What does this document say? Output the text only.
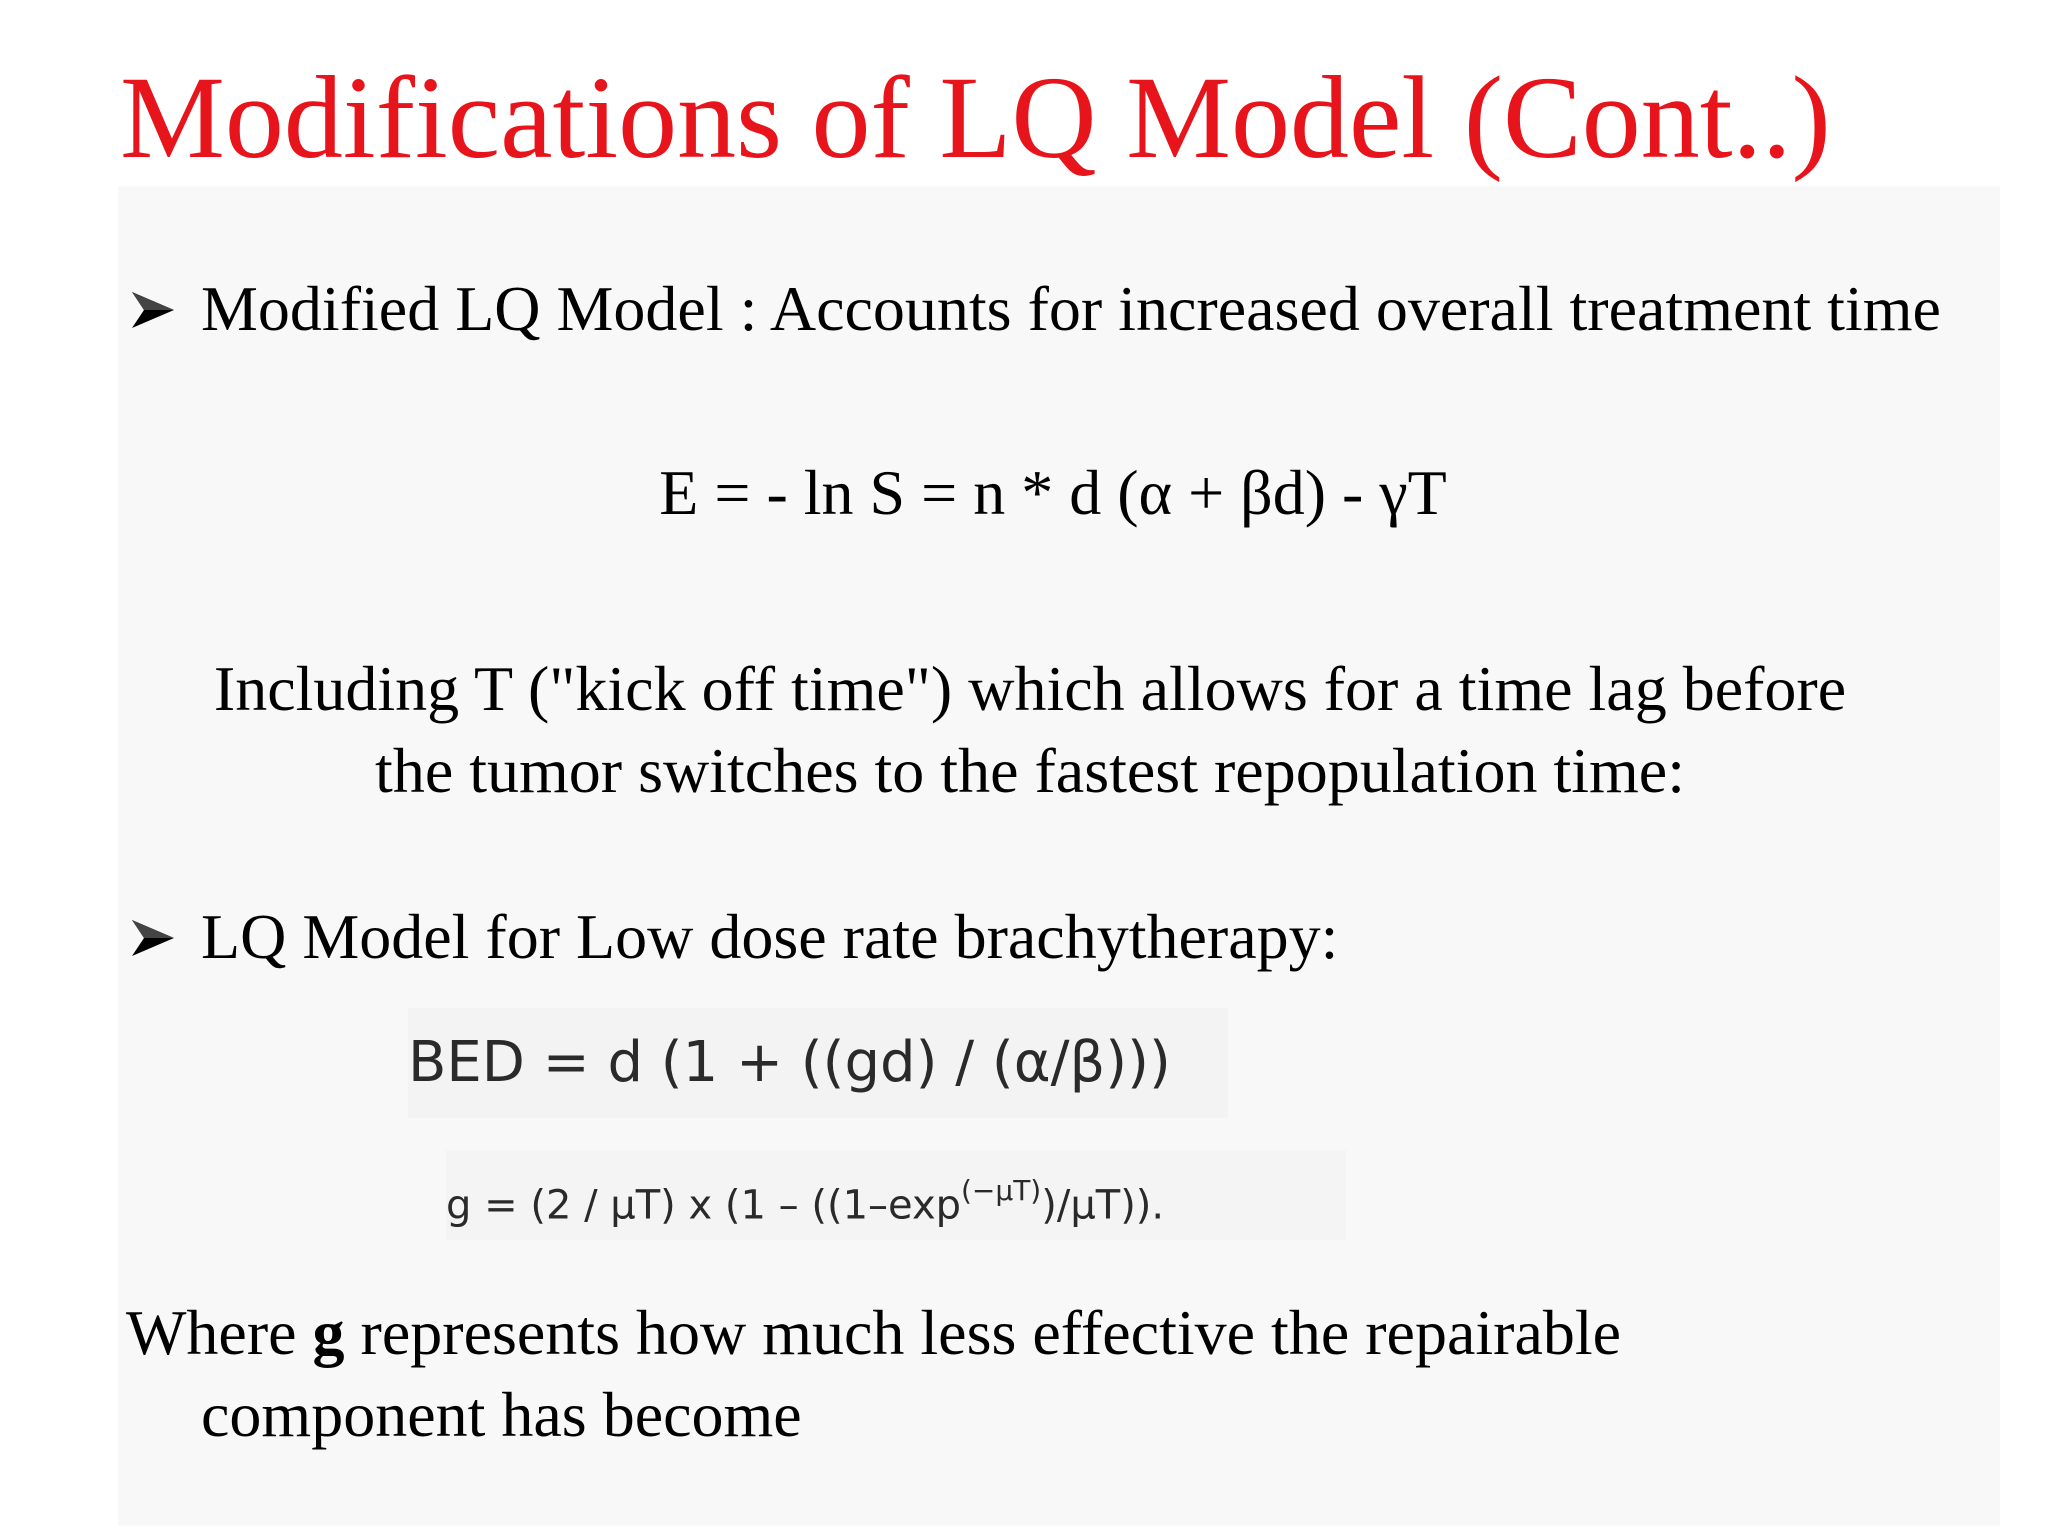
Modifications of LQ Model (Cont..)
Modified LQ Model : Accounts for increased overall treatment time
E = - ln S = n * d (α + βd) - γT
Including T ("kick off time") which allows for a time lag before
the tumor switches to the fastest repopulation time:
LQ Model for Low dose rate brachytherapy:
BED = d (1 + ((gd) / (α/β)))
g = (2 / μT) x $(1 - ((1-\exp^{(-\mu T)})/\mu T))$.
Where g represents how much less effective the repairable
component has become
